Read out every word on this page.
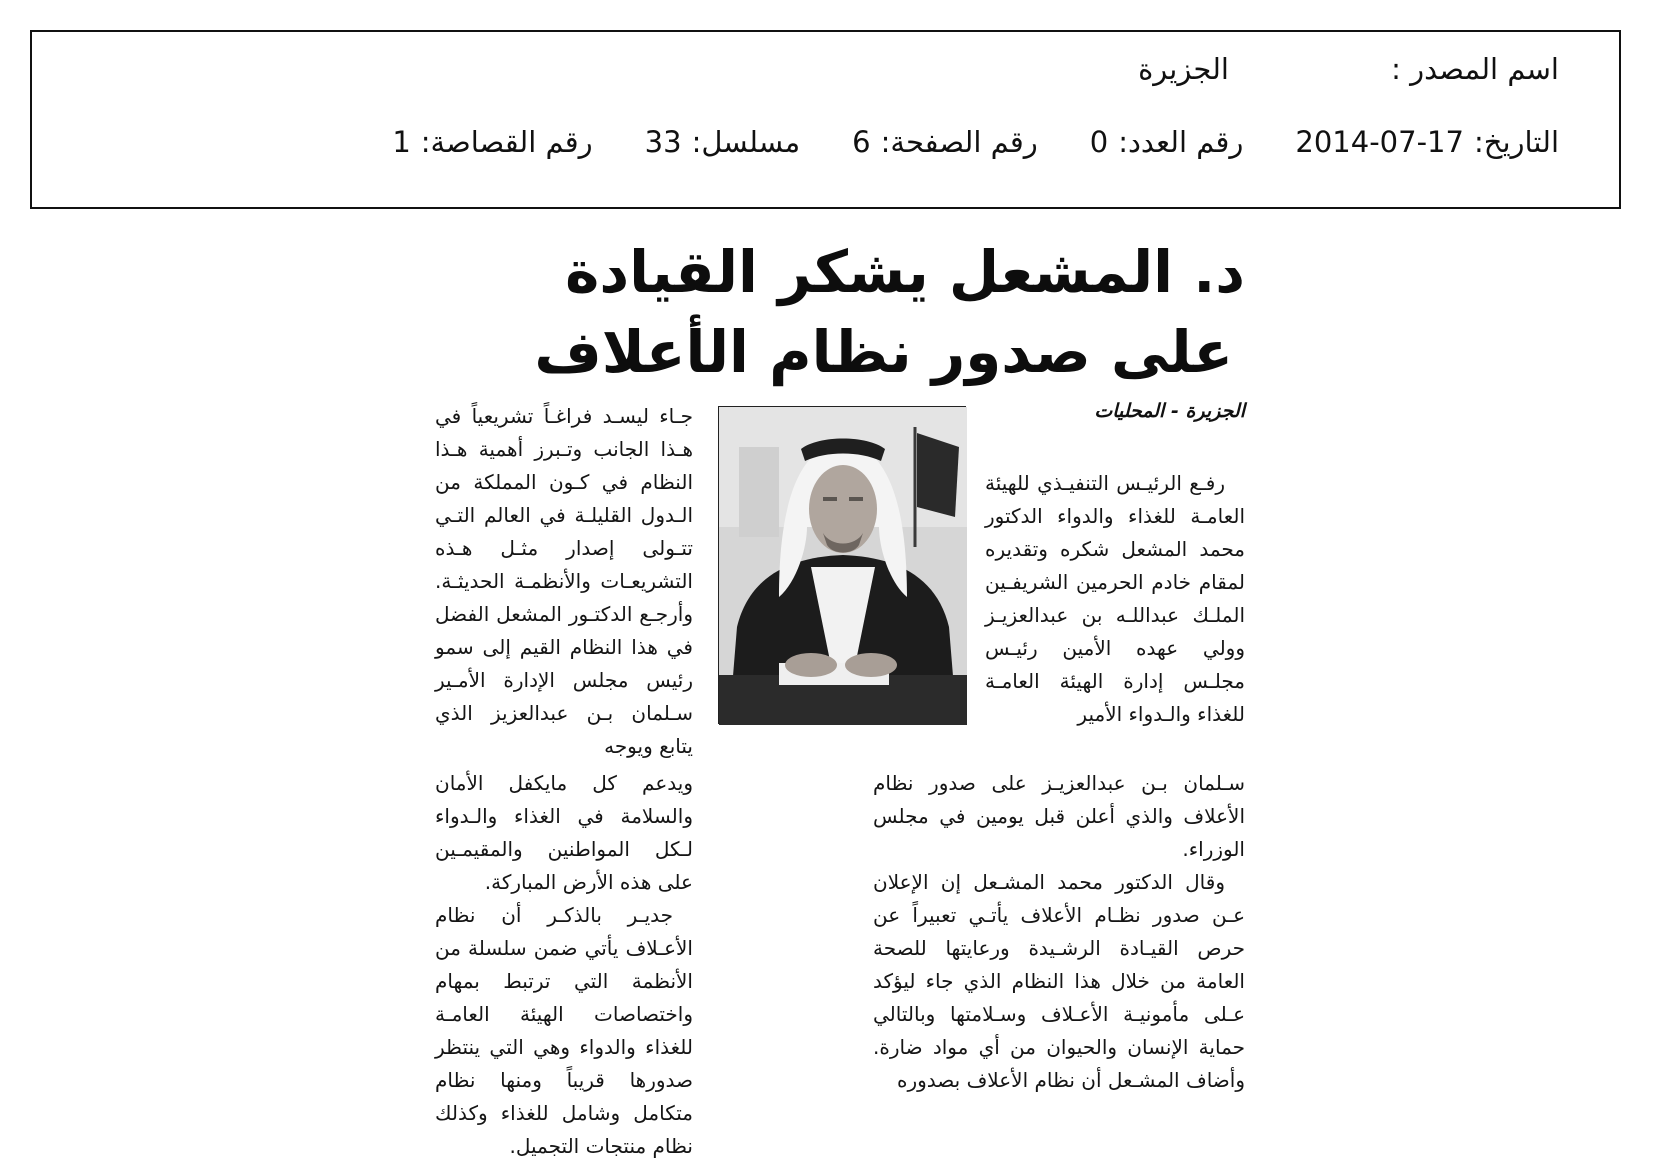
اسم المصدر :
الجزيرة
التاريخ:
2014-07-17
رقم العدد:
0
رقم الصفحة:
6
مسلسل:
33
رقم القصاصة:
1
د. المشعل يشكر القيادة
على صدور نظام الأعلاف
الجزيرة - المحليات

رفـع الرئيـس التنفيـذي للهيئة العامـة للغذاء والدواء الدكتور محمد المشعل شكره وتقديره لمقام خادم الحرمين الشريفـين الملـك عبداللـه بن عبدالعزيـز وولي عهده الأمين رئيـس مجلـس إدارة الهيئة العامـة للغذاء والـدواء الأمير

سـلمان بـن عبدالعزيـز على صدور نظام الأعلاف والذي أعلن قبل يومين في مجلس الوزراء.

وقال الدكتور محمد المشـعل إن الإعلان عـن صدور نظـام الأعلاف يأتـي تعبيراً عن حرص القيـادة الرشـيدة ورعايتها للصحة العامة من خلال هذا النظام الذي جاء ليؤكد عـلى مأمونيـة الأعـلاف وسـلامتها وبالتالي حماية الإنسان والحيوان من أي مواد ضارة. وأضاف المشـعل أن نظام الأعلاف بصدوره

جـاء ليسـد فراغـاً تشريعياً في هـذا الجانب وتـبرز أهمية هـذا النظام في كـون المملكة من الـدول القليلـة في العالم التـي تتـولى إصدار مثـل هـذه التشريعـات والأنظمـة الحديثـة. وأرجـع الدكتـور المشعل الفضل في هذا النظام القيم إلى سمو رئيس مجلس الإدارة الأمـير سـلمان بـن عبدالعزيز الذي يتابع ويوجه

ويدعم كل مايكفل الأمان والسلامة في الغذاء والـدواء لـكل المواطنين والمقيمـين على هذه الأرض المباركة.

جديـر بالذكـر أن نظام الأعـلاف يأتي ضمن سلسلة من الأنظمة التي ترتبط بمهام واختصاصات الهيئة العامـة للغذاء والدواء وهي التي ينتظر صدورها قريباً ومنها نظام متكامل وشامل للغذاء وكذلك نظام منتجات التجميل.
